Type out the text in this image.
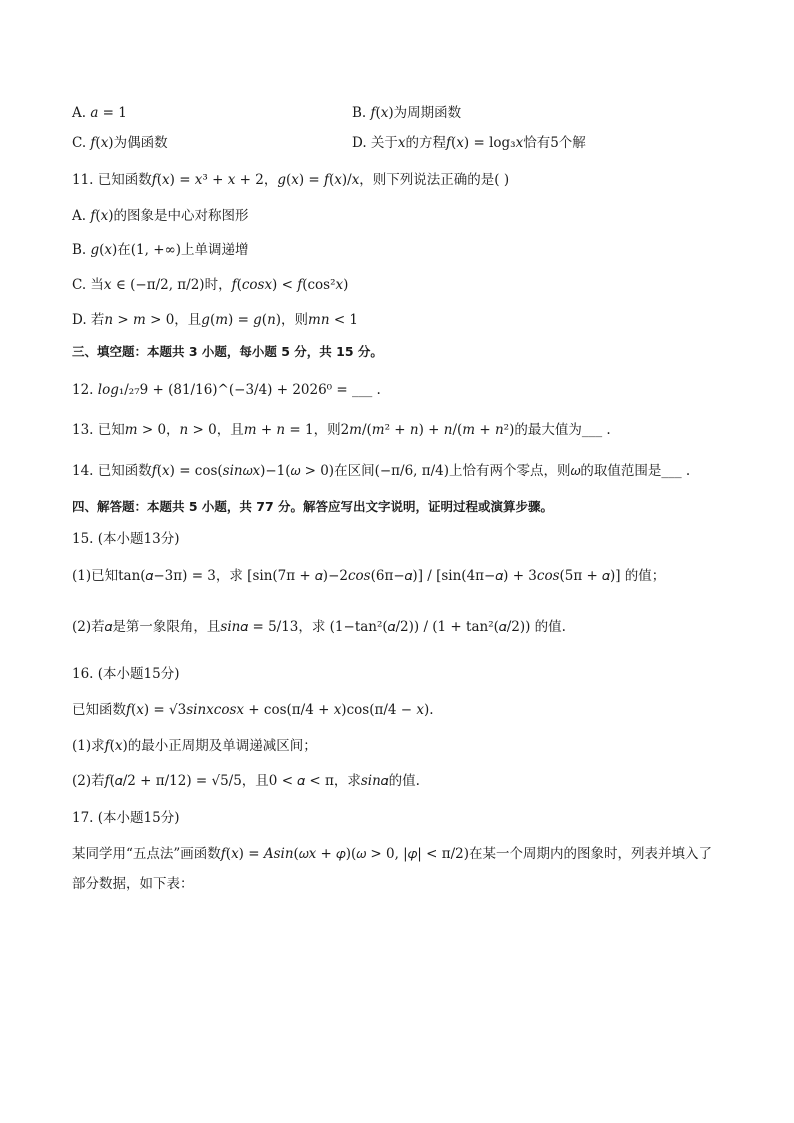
A. 𝑎 = 1	B. 𝑓(𝑥)为周期函数
C. 𝑓(𝑥)为偶函数	D. 关于𝑥的方程𝑓(𝑥) = log₃𝑥恰有5个解
11. 已知函数𝑓(𝑥) = 𝑥³ + 𝑥 + 2，𝑔(𝑥) = 𝑓(𝑥)/𝑥，则下列说法正确的是( )
A. 𝑓(𝑥)的图象是中心对称图形
B. 𝑔(𝑥)在(1, +∞)上单调递增
C. 当𝑥 ∈ (−π/2, π/2)时，𝑓(𝑐𝑜𝑠𝑥) < 𝑓(cos²𝑥)
D. 若𝑛 > 𝑚 > 0，且𝑔(𝑚) = 𝑔(𝑛)，则𝑚𝑛 < 1
三、填空题：本题共 3 小题，每小题 5 分，共 15 分。
12. 𝑙𝑜𝑔₁/₂₇9 + (81/16)^(−3/4) + 2026⁰ = ___ .
13. 已知𝑚 > 0，𝑛 > 0，且𝑚 + 𝑛 = 1，则2𝑚/(𝑚² + 𝑛) + 𝑛/(𝑚 + 𝑛²)的最大值为___ .
14. 已知函数𝑓(𝑥) = cos(𝑠𝑖𝑛𝜔𝑥)−1(𝜔 > 0)在区间(−π/6, π/4)上恰有两个零点，则𝜔的取值范围是___ .
四、解答题：本题共 5 小题，共 77 分。解答应写出文字说明，证明过程或演算步骤。
15. (本小题13分)
(1)已知tan(𝛼−3π) = 3，求 [sin(7π + 𝛼)−2𝑐𝑜𝑠(6π−𝛼)] / [sin(4π−𝛼) + 3𝑐𝑜𝑠(5π + 𝛼)] 的值；
(2)若𝛼是第一象限角，且𝑠𝑖𝑛𝛼 = 5/13，求 (1−tan²(𝛼/2)) / (1 + tan²(𝛼/2)) 的值.
16. (本小题15分)
已知函数𝑓(𝑥) = √3𝑠𝑖𝑛𝑥𝑐𝑜𝑠𝑥 + cos(π/4 + 𝑥)cos(π/4 − 𝑥).
(1)求𝑓(𝑥)的最小正周期及单调递减区间；
(2)若𝑓(𝛼/2 + π/12) = √5/5，且0 < 𝛼 < π，求𝑠𝑖𝑛𝛼的值.
17. (本小题15分)
某同学用“五点法”画函数𝑓(𝑥) = 𝐴𝑠𝑖𝑛(𝜔𝑥 + 𝜑)(𝜔 > 0, |𝜑| < π/2)在某一个周期内的图象时，列表并填入了部分数据，如下表：
